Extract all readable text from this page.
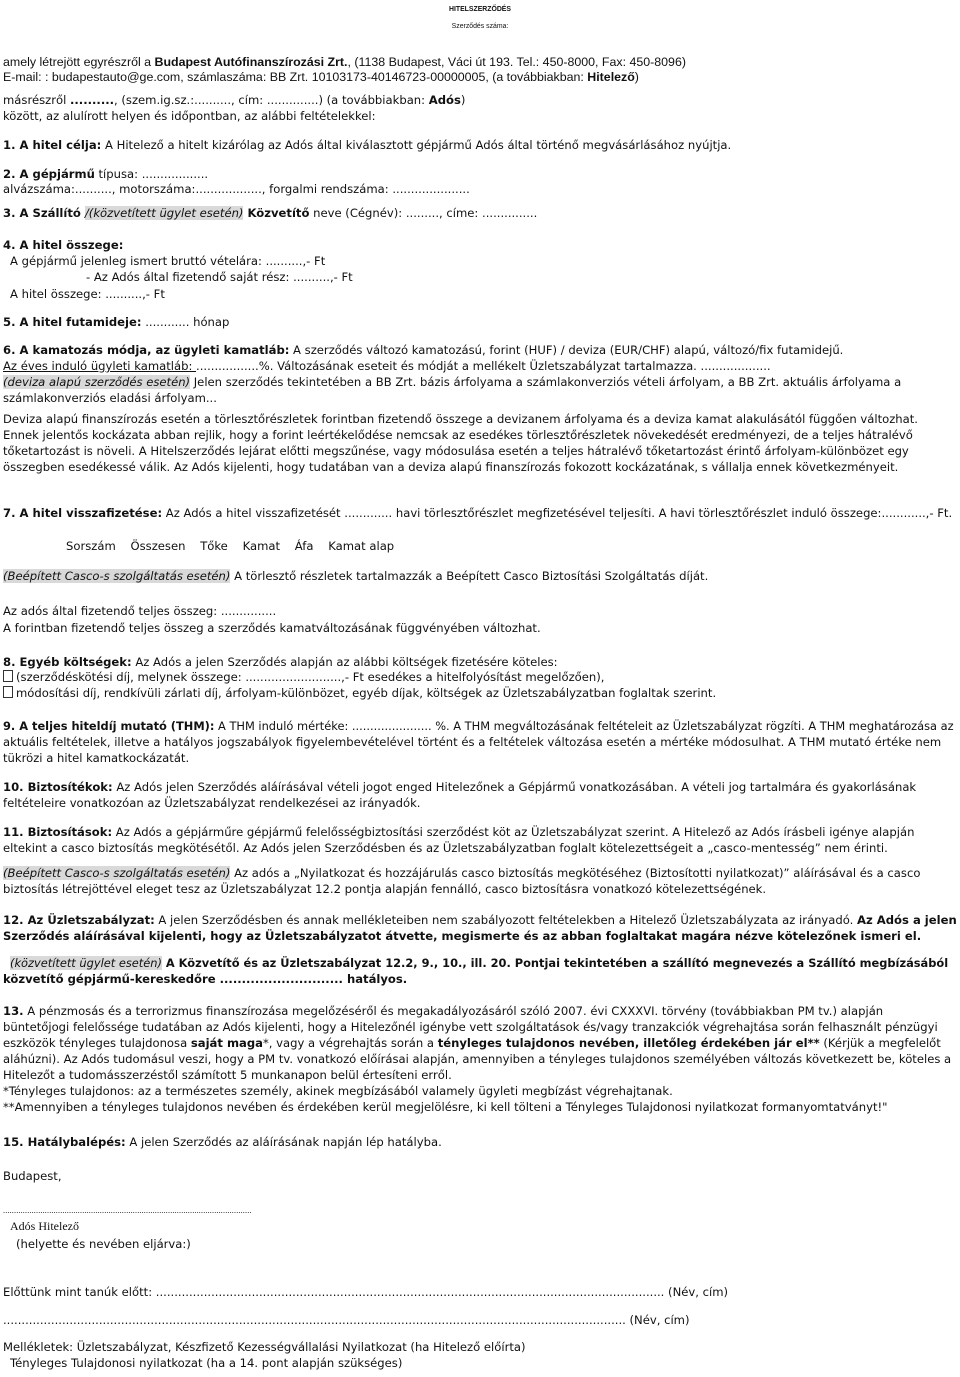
HITELSZERZŐDÉS
Szerződés száma:
amely létrejött egyrészről a Budapest Autófinanszírozási Zrt., (1138 Budapest, Váci út 193. Tel.: 450-8000, Fax: 450-8096)
E-mail: : budapestauto@ge.com, számlaszáma: BB Zrt. 10103173-40146723-00000005, (a továbbiakban: Hitelező)
másrészről .........., (szem.ig.sz.:.........., cím: ..............) (a továbbiakban: Adós)
között, az alulírott helyen és időpontban, az alábbi feltételekkel:
1. A hitel célja: A Hitelező a hitelt kizárólag az Adós által kiválasztott gépjármű Adós által történő megvásárlásához nyújtja.
2. A gépjármű típusa: ..................
alvázszáma:.........., motorszáma:.................., forgalmi rendszáma: .....................
3. A Szállító /(közvetített ügylet esetén) Közvetítő neve (Cégnév): ........., címe: ...............
4. A hitel összege:
A gépjármű jelenleg ismert bruttó vételára: ..........,- Ft
- Az Adós által fizetendő saját rész: ..........,- Ft
A hitel összege: ..........,- Ft
5. A hitel futamideje: ............ hónap
6. A kamatozás módja, az ügyleti kamatláb: A szerződés változó kamatozású, forint (HUF) / deviza (EUR/CHF) alapú, változó/fix futamidejű.
Az éves induló ügyleti kamatláb: .................%. Változásának eseteit és módját a mellékelt Üzletszabályzat tartalmazza. ...................
(deviza alapú szerződés esetén) Jelen szerződés tekintetében a BB Zrt. bázis árfolyama a számlakonverziós vételi árfolyam, a BB Zrt. aktuális árfolyama a
számlakonverziós eladási árfolyam...
Deviza alapú finanszírozás esetén a törlesztőrészletek forintban fizetendő összege a devizanem árfolyama és a deviza kamat alakulásától függően változhat.
Ennek jelentős kockázata abban rejlik, hogy a forint leértékelődése nemcsak az esedékes törlesztőrészletek növekedését eredményezi, de a teljes hátralévő
tőketartozást is növeli. A Hitelszerződés lejárat előtti megszűnése, vagy módosulása esetén a teljes hátralévő tőketartozást érintő árfolyam-különbözet egy
összegben esedékessé válik. Az Adós kijelenti, hogy tudatában van a deviza alapú finanszírozás fokozott kockázatának, s vállalja ennek következményeit.
7. A hitel visszafizetése: Az Adós a hitel visszafizetését ............. havi törlesztőrészlet megfizetésével teljesíti. A havi törlesztőrészlet induló összege:............,- Ft.
Sorszám Összesen Tőke Kamat Áfa Kamat alap
(Beépített Casco-s szolgáltatás esetén) A törlesztő részletek tartalmazzák a Beépített Casco Biztosítási Szolgáltatás díját.
Az adós által fizetendő teljes összeg: ...............
A forintban fizetendő teljes összeg a szerződés kamatváltozásának függvényében változhat.
8. Egyéb költségek: Az Adós a jelen Szerződés alapján az alábbi költségek fizetésére köteles:
(szerződéskötési díj, melynek összege: ..........................,- Ft esedékes a hitelfolyósítást megelőzően),
módosítási díj, rendkívüli zárlati díj, árfolyam-különbözet, egyéb díjak, költségek az Üzletszabályzatban foglaltak szerint.
9. A teljes hiteldíj mutató (THM): A THM induló mértéke: ...................... %. A THM megváltozásának feltételeit az Üzletszabályzat rögzíti. A THM meghatározása az
aktuális feltételek, illetve a hatályos jogszabályok figyelembevételével történt és a feltételek változása esetén a mértéke módosulhat. A THM mutató értéke nem
tükrözi a hitel kamatkockázatát.
10. Biztosítékok: Az Adós jelen Szerződés aláírásával vételi jogot enged Hitelezőnek a Gépjármű vonatkozásában. A vételi jog tartalmára és gyakorlásának
feltételeire vonatkozóan az Üzletszabályzat rendelkezései az irányadók.
11. Biztosítások: Az Adós a gépjárműre gépjármű felelősségbiztosítási szerződést köt az Üzletszabályzat szerint. A Hitelező az Adós írásbeli igénye alapján
eltekint a casco biztosítás megkötésétől. Az Adós jelen Szerződésben és az Üzletszabályzatban foglalt kötelezettségeit a „casco-mentesség” nem érinti.
(Beépített Casco-s szolgáltatás esetén) Az adós a „Nyilatkozat és hozzájárulás casco biztosítás megkötéséhez (Biztosítotti nyilatkozat)” aláírásával és a casco
biztosítás létrejöttével eleget tesz az Üzletszabályzat 12.2 pontja alapján fennálló, casco biztosításra vonatkozó kötelezettségének.
12. Az Üzletszabályzat: A jelen Szerződésben és annak mellékleteiben nem szabályozott feltételekben a Hitelező Üzletszabályzata az irányadó. Az Adós a jelen
Szerződés aláírásával kijelenti, hogy az Üzletszabályzatot átvette, megismerte és az abban foglaltakat magára nézve kötelezőnek ismeri el.
(közvetített ügylet esetén) A Közvetítő és az Üzletszabályzat 12.2, 9., 10., ill. 20. Pontjai tekintetében a szállító megnevezés a Szállító megbízásából
közvetítő gépjármű-kereskedőre ............................ hatályos.
13. A pénzmosás és a terrorizmus finanszírozása megelőzéséről és megakadályozásáról szóló 2007. évi CXXXVI. törvény (továbbiakban PM tv.) alapján
büntetőjogi felelőssége tudatában az Adós kijelenti, hogy a Hitelezőnél igénybe vett szolgáltatások és/vagy tranzakciók végrehajtása során felhasznált pénzügyi
eszközök tényleges tulajdonosa saját maga*, vagy a végrehajtás során a tényleges tulajdonos nevében, illetőleg érdekében jár el** (Kérjük a megfelelőt
aláhúzni). Az Adós tudomásul veszi, hogy a PM tv. vonatkozó előírásai alapján, amennyiben a tényleges tulajdonos személyében változás következett be, köteles a
Hitelezőt a tudomásszerzéstől számított 5 munkanapon belül értesíteni erről.
*Tényleges tulajdonos: az a természetes személy, akinek megbízásából valamely ügyleti megbízást végrehajtanak.
**Amennyiben a tényleges tulajdonos nevében és érdekében kerül megjelölésre, ki kell tölteni a Tényleges Tulajdonosi nyilatkozat formanyomtatványt!"
15. Hatálybalépés: A jelen Szerződés az aláírásának napján lép hatályba.
Budapest,
.................................................................................................................
Adós Hitelező
(helyette és nevében eljárva:)
Előttünk mint tanúk előtt: .......................................................................................................................................... (Név, cím)
......................................................................................................................................................................... (Név, cím)
Mellékletek: Üzletszabályzat, Készfizető Kezességvállalási Nyilatkozat (ha Hitelező előírta)
Tényleges Tulajdonosi nyilatkozat (ha a 14. pont alapján szükséges)
